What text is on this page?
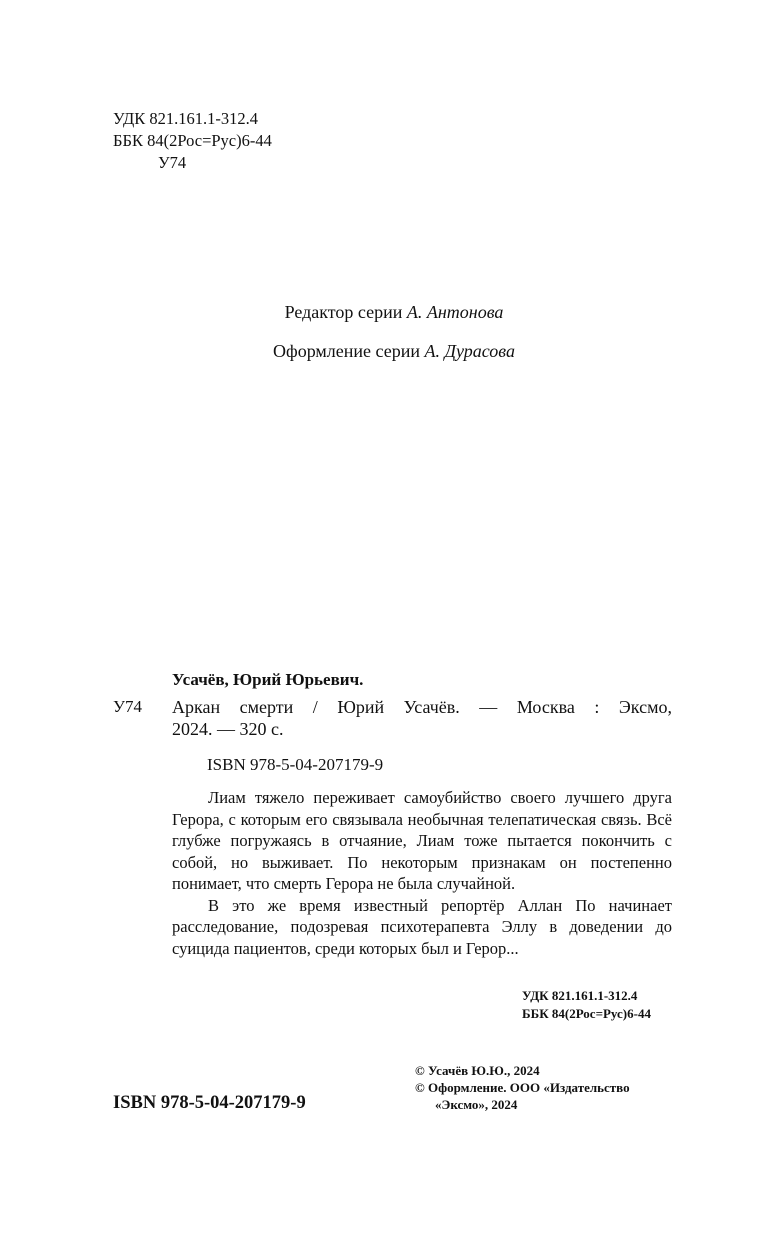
УДК 821.161.1-312.4
ББК 84(2Рос=Рус)6-44
У74
Редактор серии А. Антонова
Оформление серии А. Дурасова
Усачёв, Юрий Юрьевич.
У74 Аркан смерти / Юрий Усачёв. — Москва : Эксмо,
2024. — 320 с.
ISBN 978-5-04-207179-9

Лиам тяжело переживает самоубийство своего лучшего друга Герора, с которым его связывала необычная телепатическая связь. Всё глубже погружаясь в отчаяние, Лиам тоже пытается покончить с собой, но выживает. По некоторым признакам он постепенно понимает, что смерть Герора не была случайной.

В это же время известный репортёр Аллан По начинает расследование, подозревая психотерапевта Эллу в доведении до суицида пациентов, среди которых был и Герор...

УДК 821.161.1-312.4
ББК 84(2Рос=Рус)6-44
© Усачёв Ю.Ю., 2024
© Оформление. ООО «Издательство
«Эксмо», 2024
ISBN 978-5-04-207179-9
